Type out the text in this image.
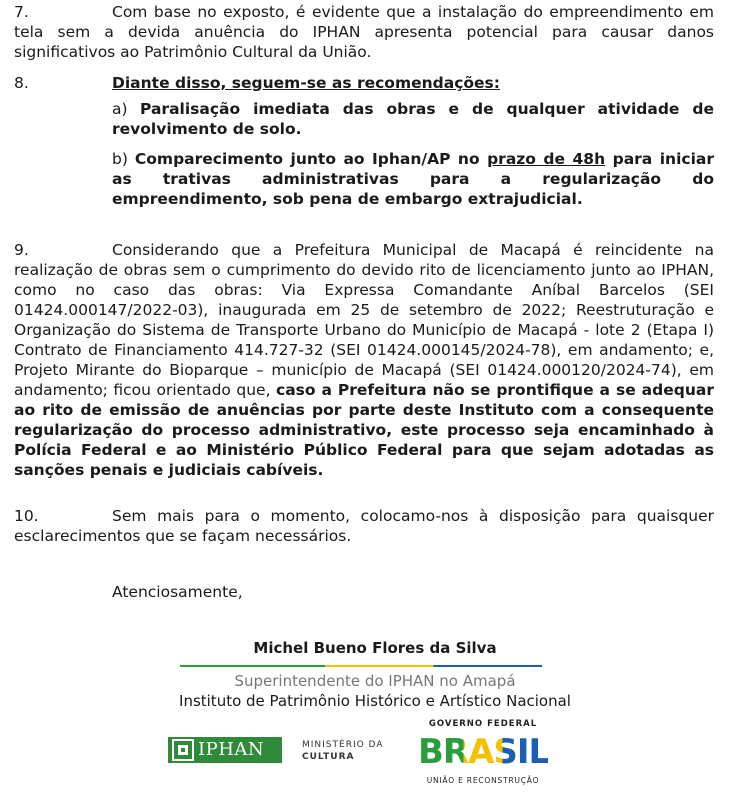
7.	Com base no exposto, é evidente que a instalação do empreendimento em tela sem a devida anuência do IPHAN apresenta potencial para causar danos significativos ao Patrimônio Cultural da União.
8.	Diante disso, seguem-se as recomendações:
a) Paralisação imediata das obras e de qualquer atividade de revolvimento de solo.
b) Comparecimento junto ao Iphan/AP no prazo de 48h para iniciar as trativas administrativas para a regularização do empreendimento, sob pena de embargo extrajudicial.
9.	Considerando que a Prefeitura Municipal de Macapá é reincidente na realização de obras sem o cumprimento do devido rito de licenciamento junto ao IPHAN, como no caso das obras: Via Expressa Comandante Aníbal Barcelos (SEI 01424.000147/2022-03), inaugurada em 25 de setembro de 2022; Reestruturação e Organização do Sistema de Transporte Urbano do Município de Macapá - lote 2 (Etapa I) Contrato de Financiamento 414.727-32 (SEI 01424.000145/2024-78), em andamento; e, Projeto Mirante do Bioparque – município de Macapá (SEI 01424.000120/2024-74), em andamento; ficou orientado que, caso a Prefeitura não se prontifique a se adequar ao rito de emissão de anuências por parte deste Instituto com a consequente regularização do processo administrativo, este processo seja encaminhado à Polícia Federal e ao Ministério Público Federal para que sejam adotadas as sanções penais e judiciais cabíveis.
10.	Sem mais para o momento, colocamo-nos à disposição para quaisquer esclarecimentos que se façam necessários.
Atenciosamente,
Michel Bueno Flores da Silva
Superintendente do IPHAN no Amapá
Instituto de Patrimônio Histórico e Artístico Nacional
IPHAN	MINISTÉRIO DA
CULTURA
GOVERNO FEDERAL
BRASIL
UNIÃO E RECONSTRUÇÃO
